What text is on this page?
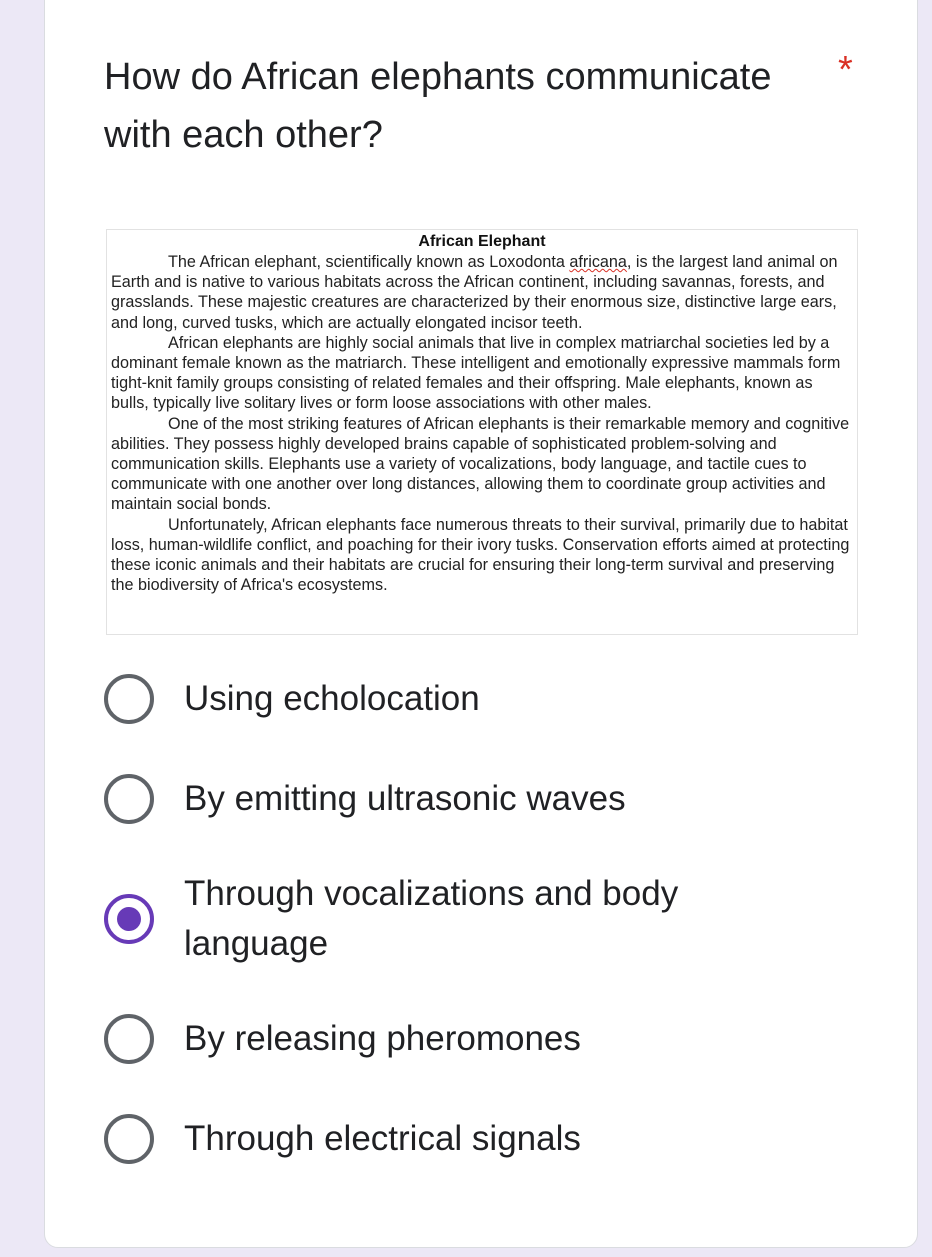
How do African elephants communicate with each other?
*
African Elephant

The African elephant, scientifically known as Loxodonta africana, is the largest land animal on Earth and is native to various habitats across the African continent, including savannas, forests, and grasslands. These majestic creatures are characterized by their enormous size, distinctive large ears, and long, curved tusks, which are actually elongated incisor teeth.

African elephants are highly social animals that live in complex matriarchal societies led by a dominant female known as the matriarch. These intelligent and emotionally expressive mammals form tight-knit family groups consisting of related females and their offspring. Male elephants, known as bulls, typically live solitary lives or form loose associations with other males.

One of the most striking features of African elephants is their remarkable memory and cognitive abilities. They possess highly developed brains capable of sophisticated problem-solving and communication skills. Elephants use a variety of vocalizations, body language, and tactile cues to communicate with one another over long distances, allowing them to coordinate group activities and maintain social bonds.

Unfortunately, African elephants face numerous threats to their survival, primarily due to habitat loss, human-wildlife conflict, and poaching for their ivory tusks. Conservation efforts aimed at protecting these iconic animals and their habitats are crucial for ensuring their long-term survival and preserving the biodiversity of Africa's ecosystems.

Using echolocation
By emitting ultrasonic waves
Through vocalizations and body language
By releasing pheromones
Through electrical signals
